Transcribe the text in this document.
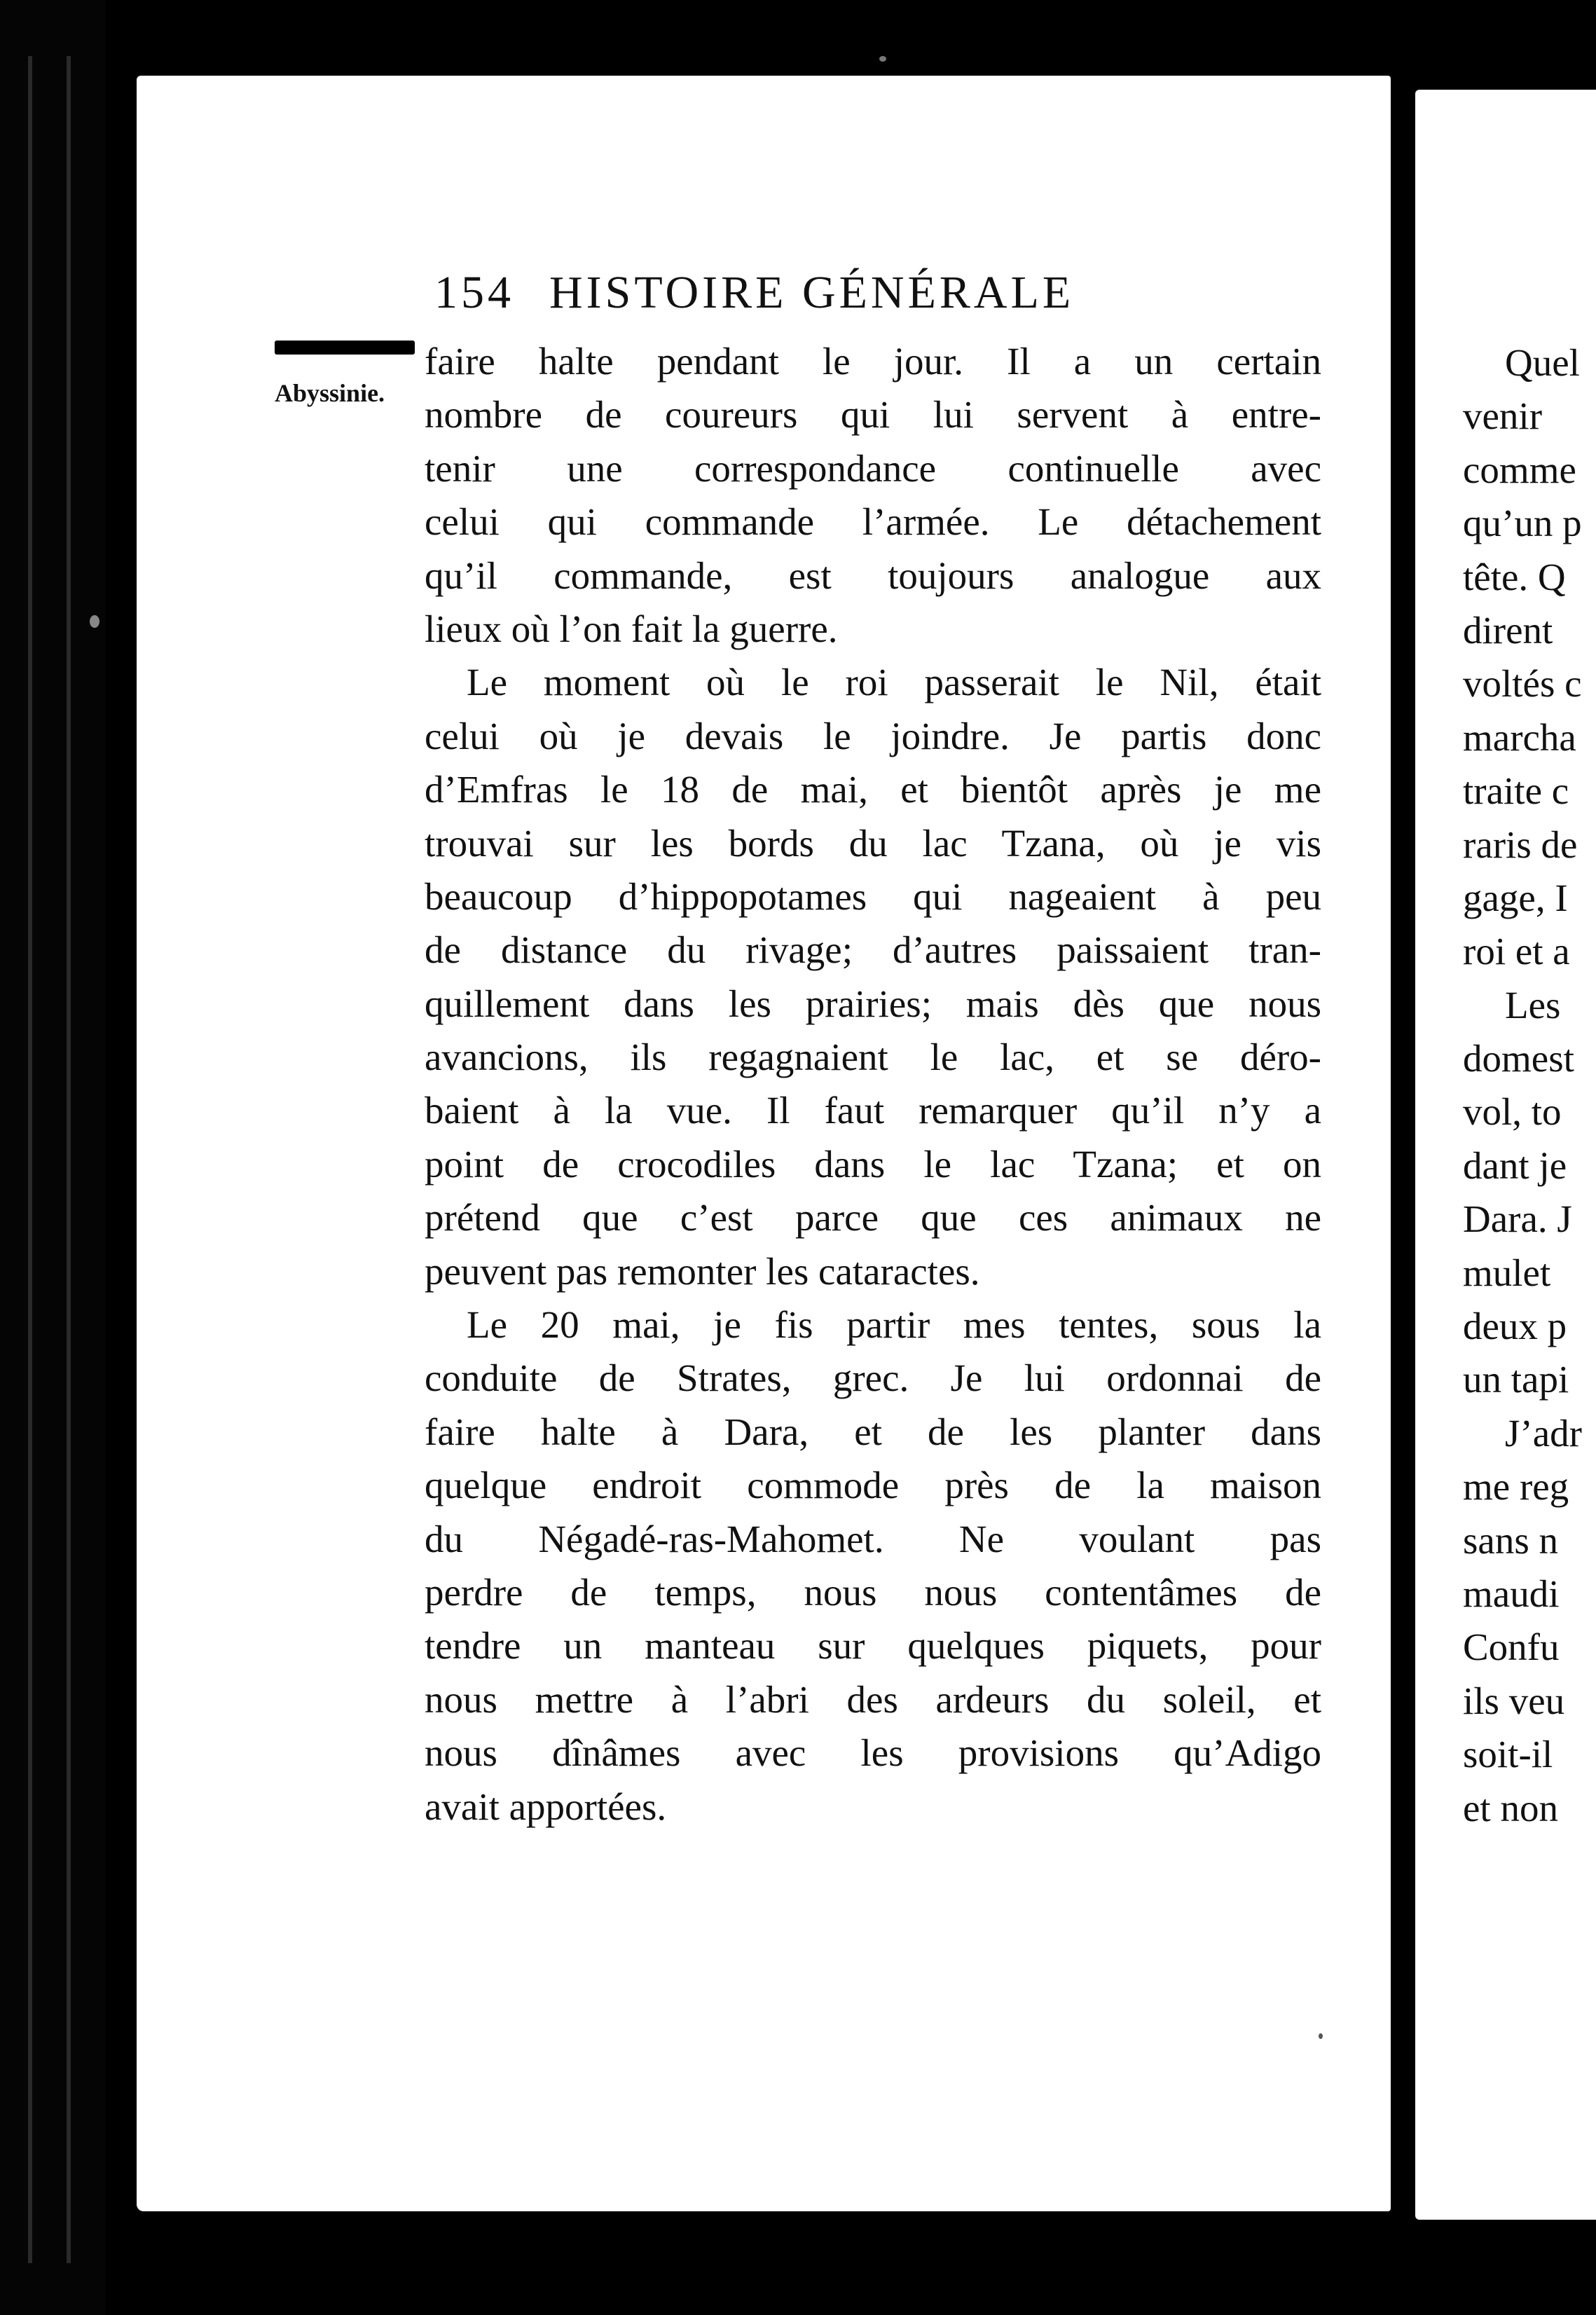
154 HISTOIRE GÉNÉRALE
Abyssinie.
faire halte pendant le jour. Il a un certain
nombre de coureurs qui lui servent à entre-
tenir une correspondance continuelle avec
celui qui commande l’armée. Le détachement
qu’il commande, est toujours analogue aux
lieux où l’on fait la guerre.
Le moment où le roi passerait le Nil, était
celui où je devais le joindre. Je partis donc
d’Emfras le 18 de mai, et bientôt après je me
trouvai sur les bords du lac Tzana, où je vis
beaucoup d’hippopotames qui nageaient à peu
de distance du rivage; d’autres paissaient tran-
quillement dans les prairies; mais dès que nous
avancions, ils regagnaient le lac, et se déro-
baient à la vue. Il faut remarquer qu’il n’y a
point de crocodiles dans le lac Tzana; et on
prétend que c’est parce que ces animaux ne
peuvent pas remonter les cataractes.
Le 20 mai, je fis partir mes tentes, sous la
conduite de Strates, grec. Je lui ordonnai de
faire halte à Dara, et de les planter dans
quelque endroit commode près de la maison
du Négadé-ras-Mahomet. Ne voulant pas
perdre de temps, nous nous contentâmes de
tendre un manteau sur quelques piquets, pour
nous mettre à l’abri des ardeurs du soleil, et
nous dînâmes avec les provisions qu’Adigo
avait apportées.
Quel
venir
comme
qu’un p
tête. Q
dirent
voltés c
marcha
traite c
raris de
gage, I
roi et a
Les
domest
vol, to
dant je
Dara. J
mulet
deux p
un tapi
J’adr
me reg
sans n
maudi
Confu
ils veu
soit-il
et non
